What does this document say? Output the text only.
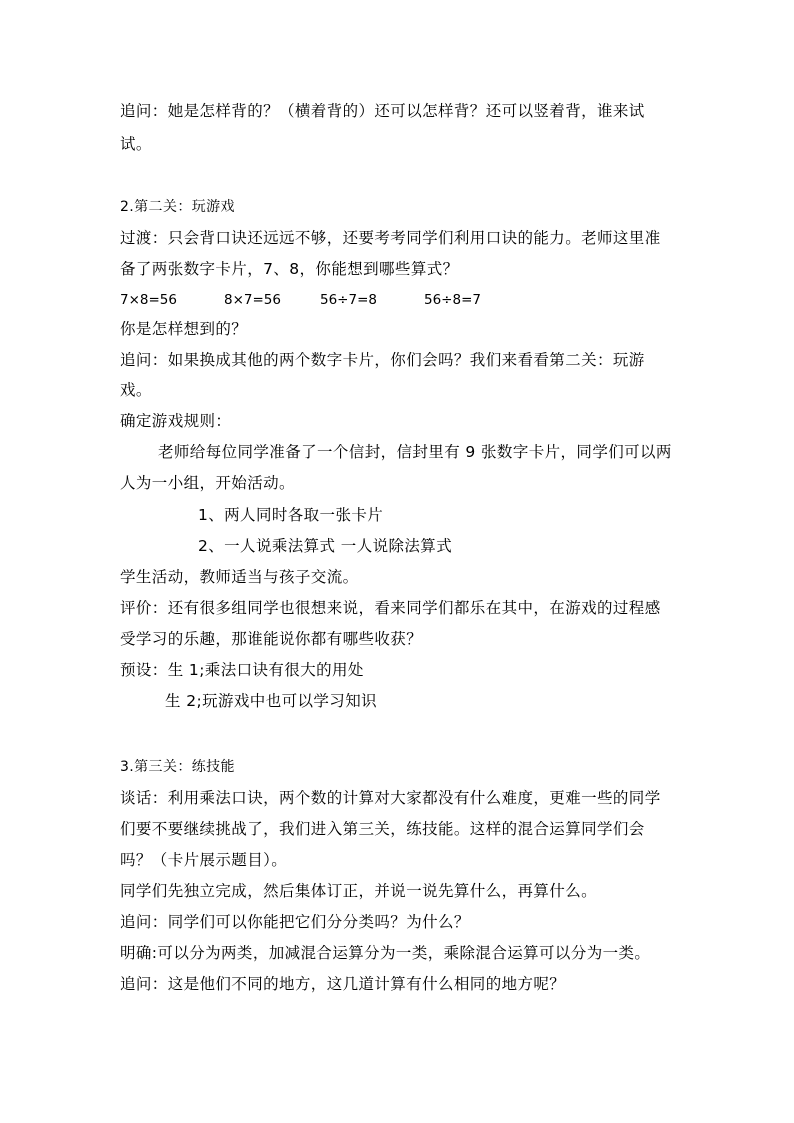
追问：她是怎样背的？（横着背的）还可以怎样背？还可以竖着背，谁来试
试。
2.第二关：玩游戏
过渡：只会背口诀还远远不够，还要考考同学们利用口诀的能力。老师这里准
备了两张数字卡片，7、8，你能想到哪些算式？
7×8=56	8×7=56	56÷7=8	56÷8=7
你是怎样想到的？
追问：如果换成其他的两个数字卡片，你们会吗？我们来看看第二关：玩游
戏。
确定游戏规则：
老师给每位同学准备了一个信封，信封里有 9 张数字卡片，同学们可以两
人为一小组，开始活动。
1、两人同时各取一张卡片
2、一人说乘法算式 一人说除法算式
学生活动，教师适当与孩子交流。
评价：还有很多组同学也很想来说，看来同学们都乐在其中，在游戏的过程感
受学习的乐趣，那谁能说你都有哪些收获？
预设：生 1;乘法口诀有很大的用处
生 2;玩游戏中也可以学习知识
3.第三关：练技能
谈话：利用乘法口诀，两个数的计算对大家都没有什么难度，更难一些的同学
们要不要继续挑战了，我们进入第三关，练技能。这样的混合运算同学们会
吗？（卡片展示题目）。
同学们先独立完成，然后集体订正，并说一说先算什么，再算什么。
追问：同学们可以你能把它们分分类吗？为什么？
明确:可以分为两类，加减混合运算分为一类，乘除混合运算可以分为一类。
追问：这是他们不同的地方，这几道计算有什么相同的地方呢？
